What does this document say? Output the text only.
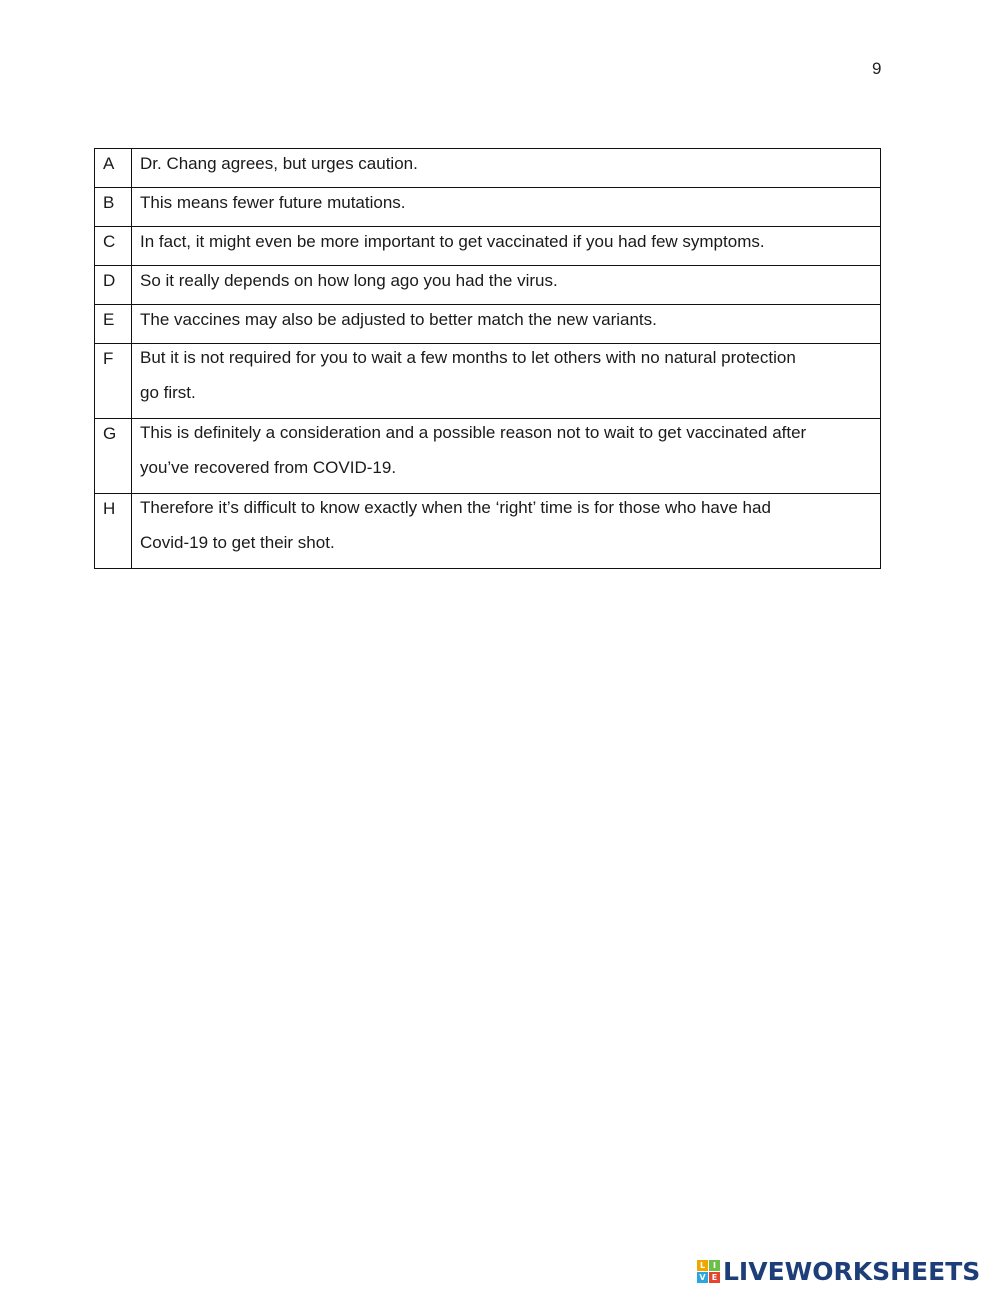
9
A	Dr. Chang agrees, but urges caution.

B	This means fewer future mutations.

C	In fact, it might even be more important to get vaccinated if you had few symptoms.

D	So it really depends on how long ago you had the virus.

E	The vaccines may also be adjusted to better match the new variants.

F	But it is not required for you to wait a few months to let others with no natural protection
go first.

G	This is definitely a consideration and a possible reason not to wait to get vaccinated after
you’ve recovered from COVID-19.

H	Therefore it’s difficult to know exactly when the ‘right’ time is for those who have had
Covid-19 to get their shot.
L I
V E LIVEWORKSHEETS
